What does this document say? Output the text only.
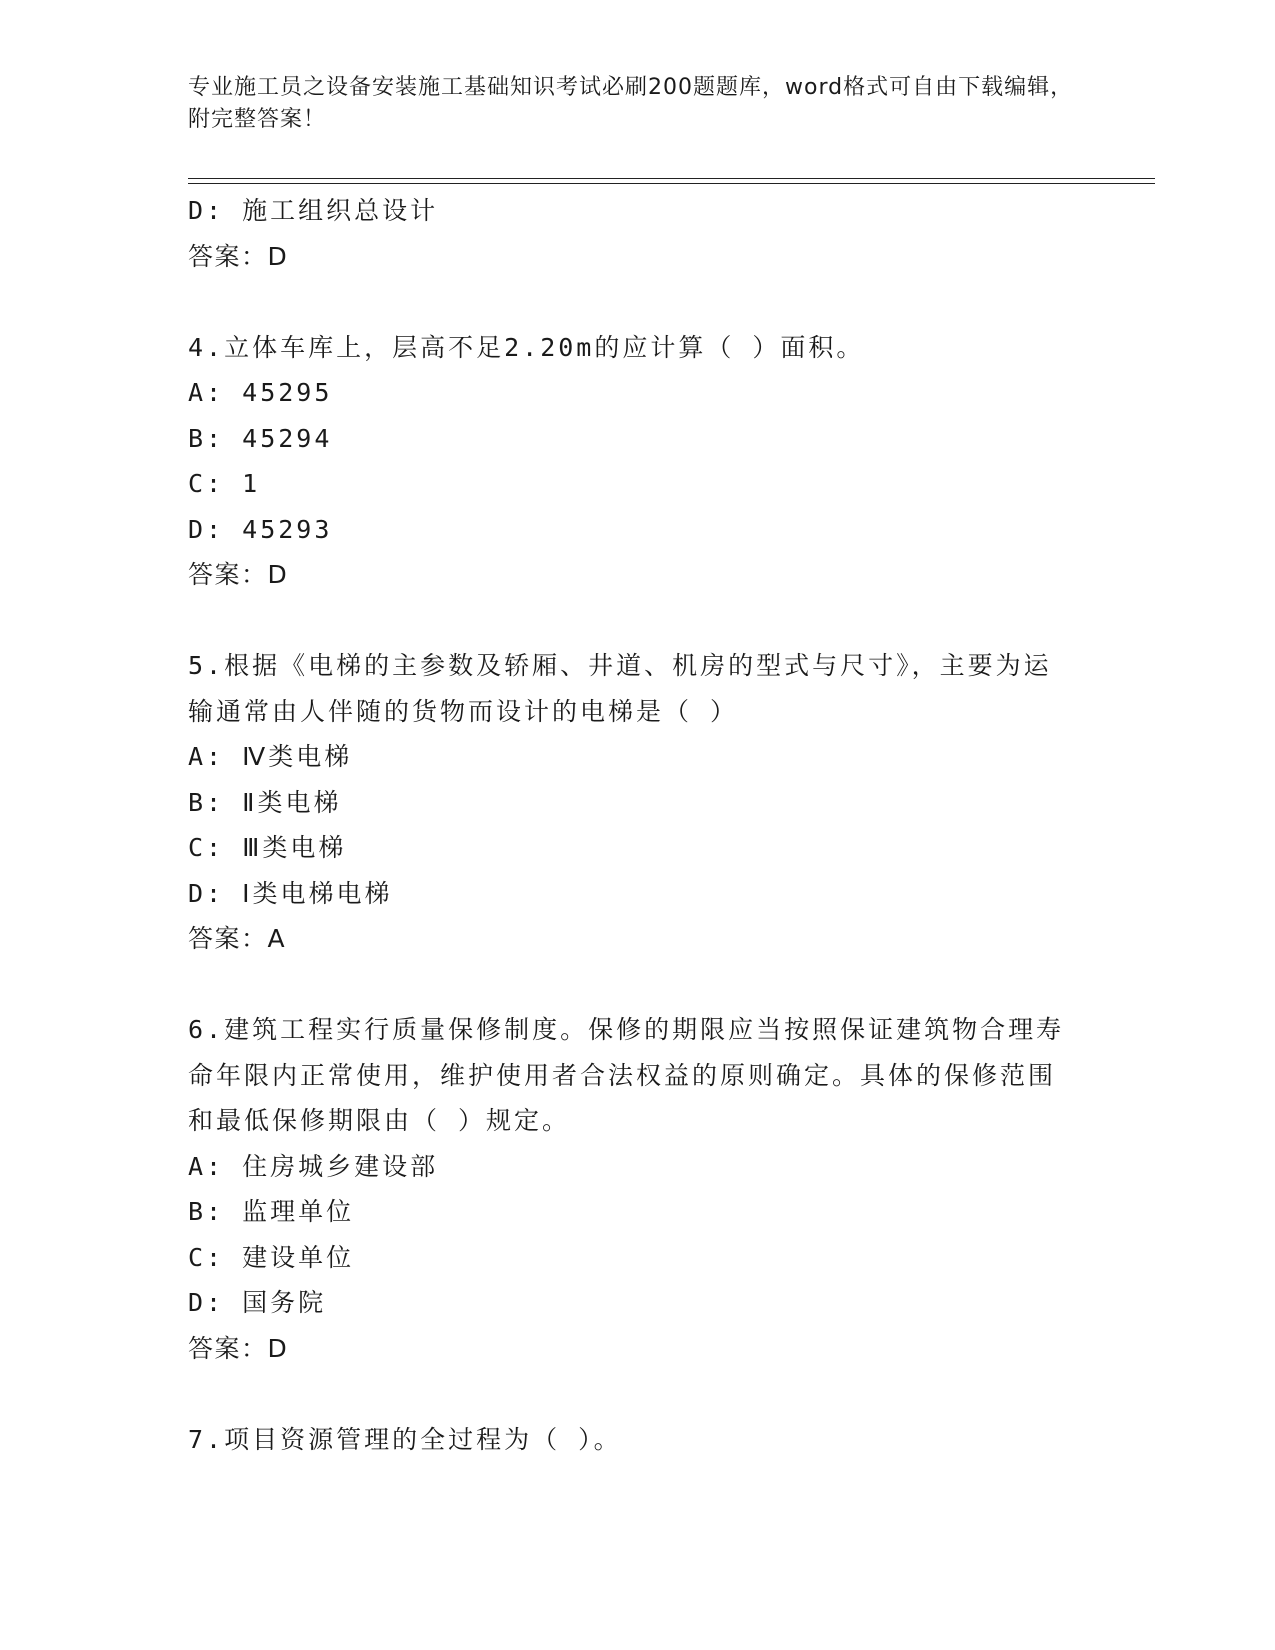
专业施工员之设备安装施工基础知识考试必刷200题题库，word格式可自由下载编辑，附完整答案！
D: 施工组织总设计
答案：D
4.立体车库上，层高不足2.20m的应计算（ ）面积。
A: 45295
B: 45294
C: 1
D: 45293
答案：D
5.根据《电梯的主参数及轿厢、井道、机房的型式与尺寸》，主要为运输通常由人伴随的货物而设计的电梯是（ ）
A: Ⅳ类电梯
B: Ⅱ类电梯
C: Ⅲ类电梯
D: Ⅰ类电梯电梯
答案：A
6.建筑工程实行质量保修制度。保修的期限应当按照保证建筑物合理寿命年限内正常使用，维护使用者合法权益的原则确定。具体的保修范围和最低保修期限由（ ）规定。
A: 住房城乡建设部
B: 监理单位
C: 建设单位
D: 国务院
答案：D
7.项目资源管理的全过程为（ ）。
